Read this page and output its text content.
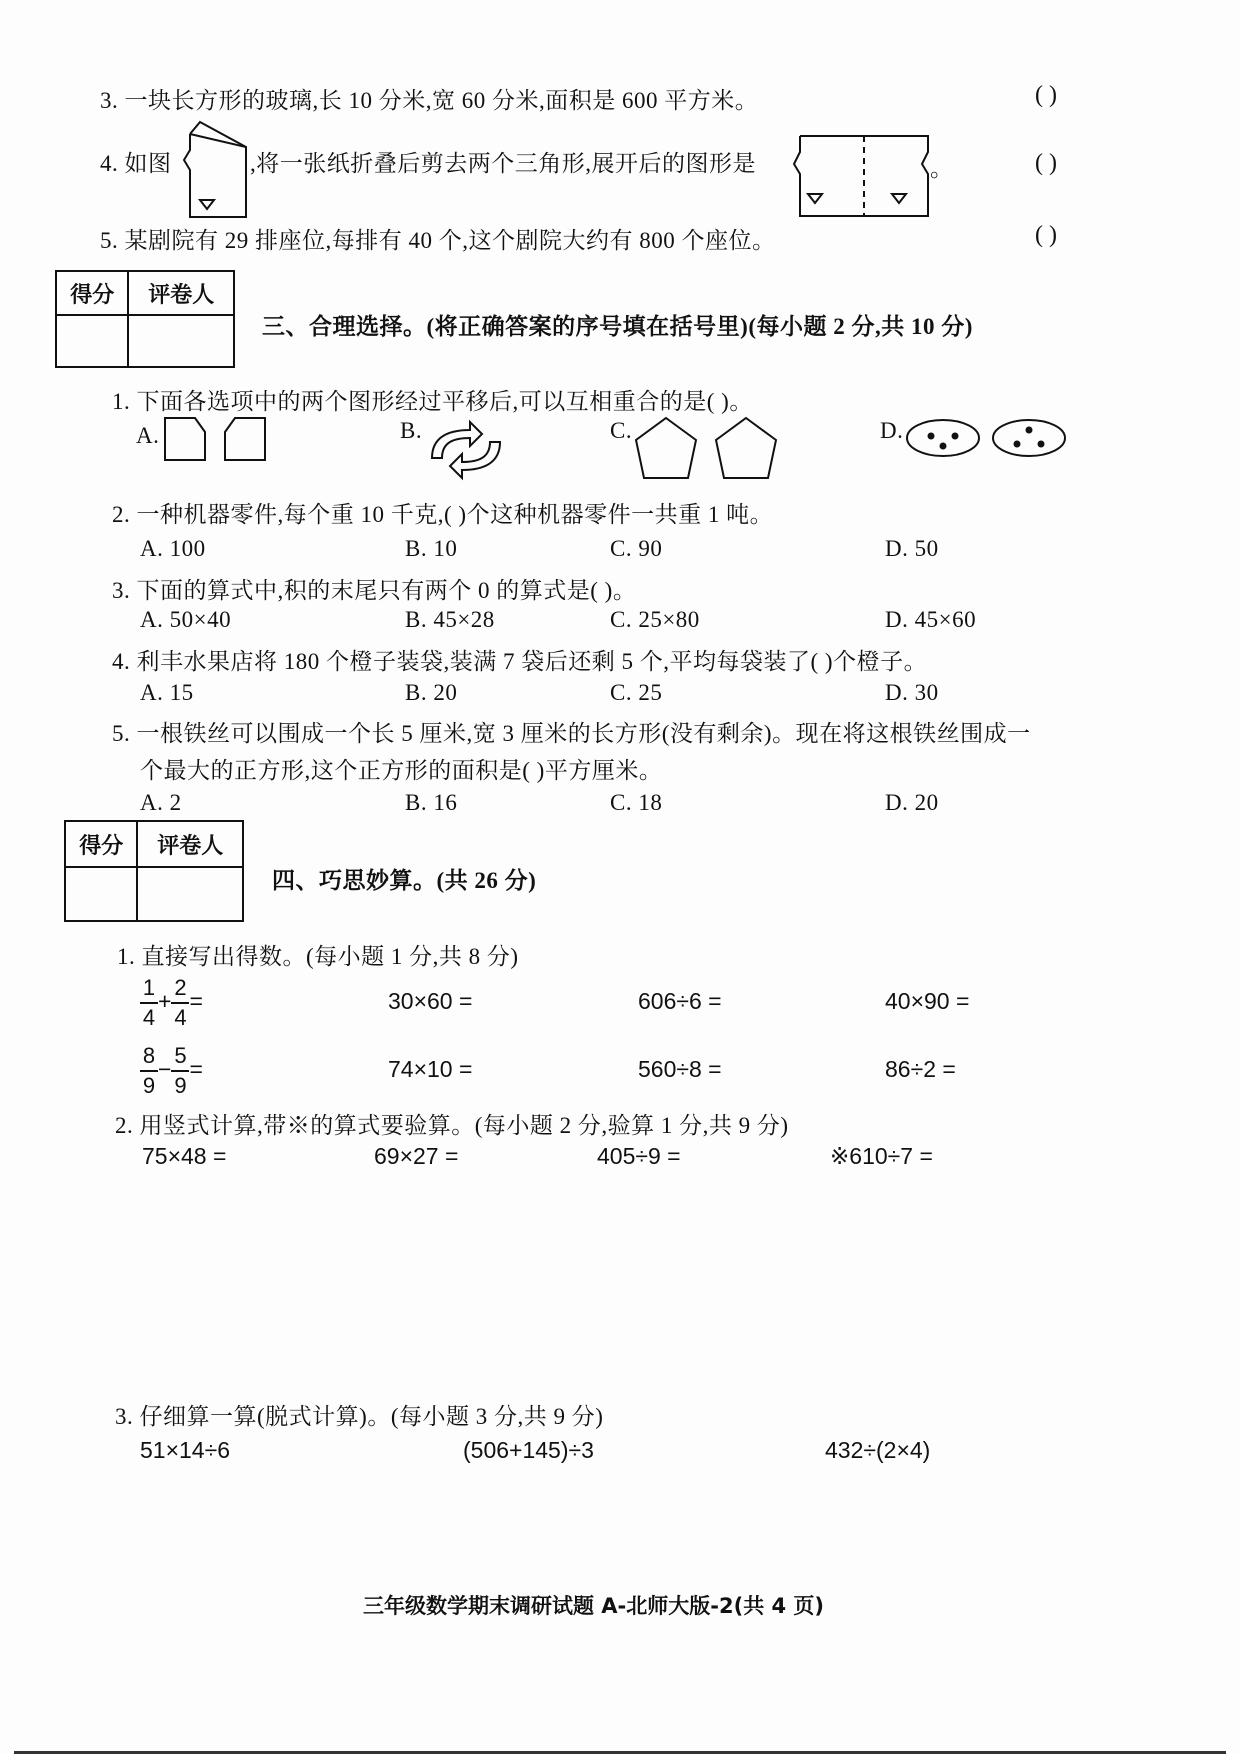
3. 一块长方形的玻璃,长 10 分米,宽 60 分米,面积是 600 平方米。	( )
4. 如图	,将一张纸折叠后剪去两个三角形,展开后的图形是	。	( )
5. 某剧院有 29 排座位,每排有 40 个,这个剧院大约有 800 个座位。	( )
得分	评卷人

三、合理选择。(将正确答案的序号填在括号里)(每小题 2 分,共 10 分)
1. 下面各选项中的两个图形经过平移后,可以互相重合的是( )。
A.	B.	C.	D.
2. 一种机器零件,每个重 10 千克,( )个这种机器零件一共重 1 吨。
A. 100	B. 10	C. 90	D. 50
3. 下面的算式中,积的末尾只有两个 0 的算式是( )。
A. 50×40	B. 45×28	C. 25×80	D. 45×60
4. 利丰水果店将 180 个橙子装袋,装满 7 袋后还剩 5 个,平均每袋装了( )个橙子。
A. 15	B. 20	C. 25	D. 30
5. 一根铁丝可以围成一个长 5 厘米,宽 3 厘米的长方形(没有剩余)。现在将这根铁丝围成一
个最大的正方形,这个正方形的面积是( )平方厘米。
A. 2	B. 16	C. 18	D. 20
得分	评卷人

四、巧思妙算。(共 26 分)
1. 直接写出得数。(每小题 1 分,共 8 分)
$\frac{1}{4} + \frac{2}{4}$ =	30×60 =	606÷6 =	40×90 =
$\frac{8}{9} - \frac{5}{9}$ =	74×10 =	560÷8 =	86÷2 =
2. 用竖式计算,带※的算式要验算。(每小题 2 分,验算 1 分,共 9 分)
75×48 =	69×27 =	405÷9 =	※610÷7 =
3. 仔细算一算(脱式计算)。(每小题 3 分,共 9 分)
51×14÷6	(506+145)÷3	432÷(2×4)
三年级数学期末调研试题 A-北师大版-2(共 4 页)
